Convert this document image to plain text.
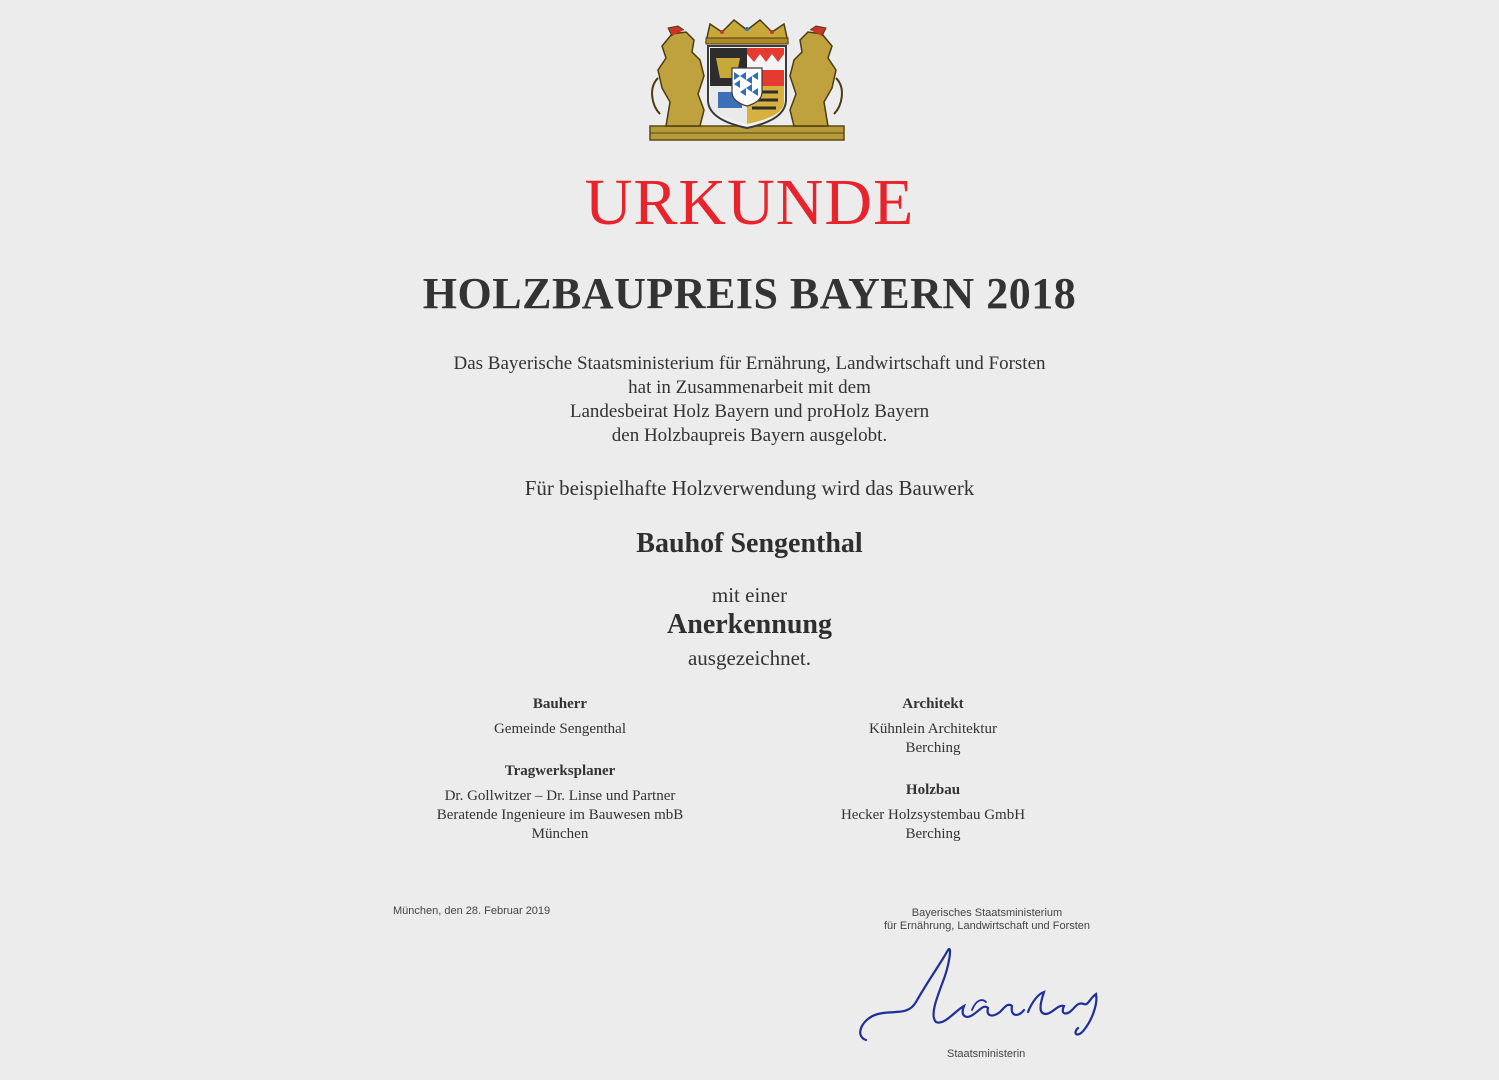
URKUNDE
HOLZBAUPREIS BAYERN 2018
Das Bayerische Staatsministerium für Ernährung, Landwirtschaft und Forsten
hat in Zusammenarbeit mit dem
Landesbeirat Holz Bayern und proHolz Bayern
den Holzbaupreis Bayern ausgelobt.
Für beispielhafte Holzverwendung wird das Bauwerk
Bauhof Sengenthal
mit einer
Anerkennung
ausgezeichnet.
Bauherr
Gemeinde Sengenthal
Tragwerksplaner
Dr. Gollwitzer – Dr. Linse und Partner
Beratende Ingenieure im Bauwesen mbB
München
Architekt
Kühnlein Architektur
Berching
Holzbau
Hecker Holzsystembau GmbH
Berching
München, den 28. Februar 2019	Bayerisches Staatsministerium
für Ernährung, Landwirtschaft und Forsten
Staatsministerin
